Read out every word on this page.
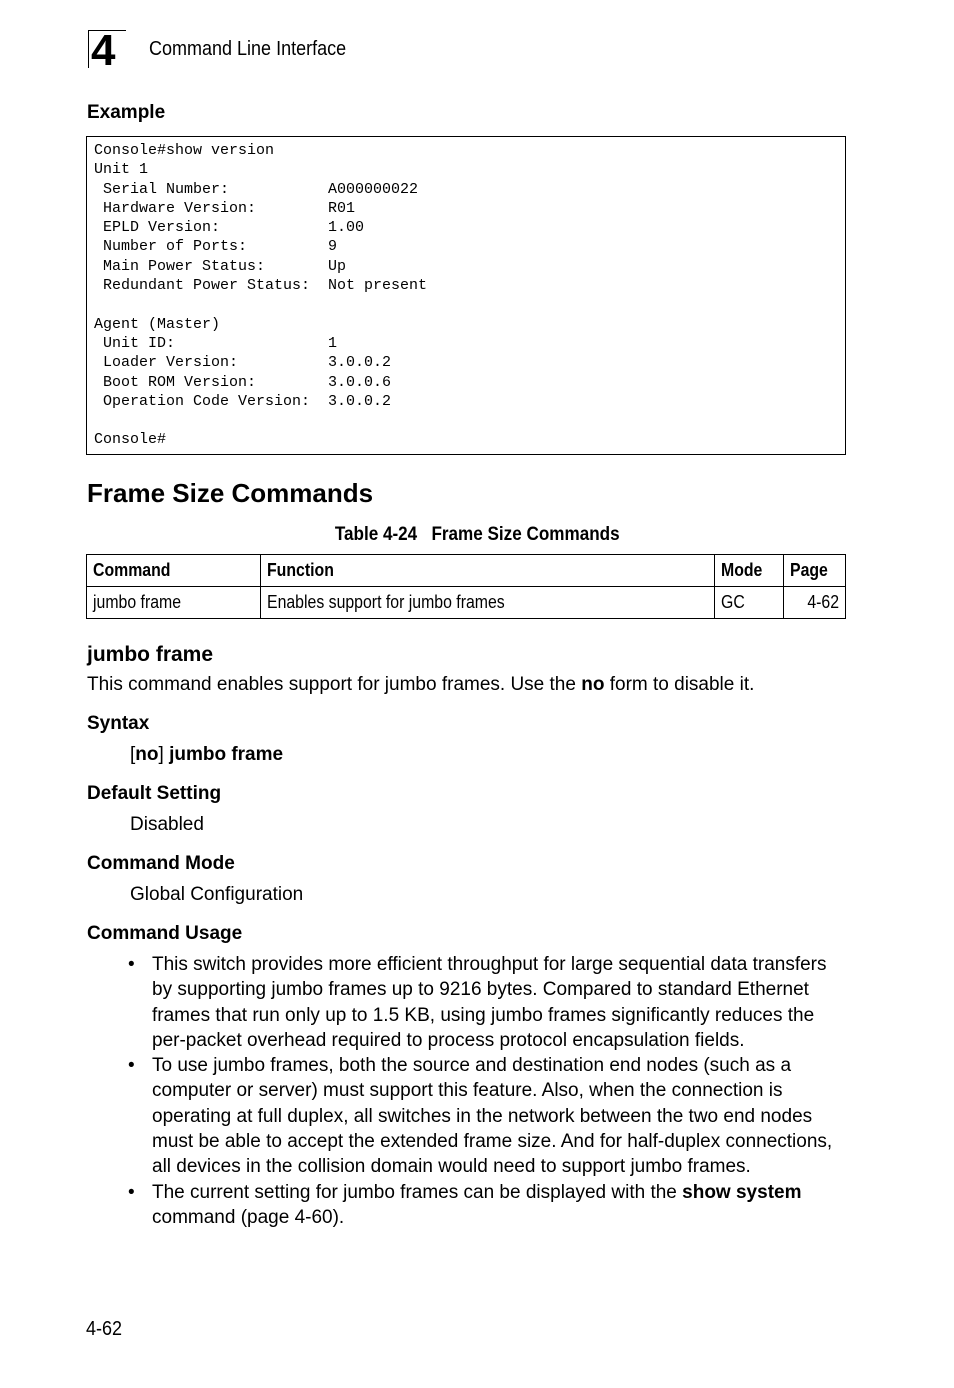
4	Command Line Interface
Example
Console#show version
Unit 1
Serial Number:           A000000022
Hardware Version:        R01
EPLD Version:            1.00
Number of Ports:         9
Main Power Status:       Up
Redundant Power Status:  Not present

Agent (Master)
Unit ID:                 1
Loader Version:          3.0.0.2
Boot ROM Version:        3.0.0.6
Operation Code Version:  3.0.0.2

Console#
Frame Size Commands
Table 4-24   Frame Size Commands
Command	Function	Mode	Page
jumbo frame	Enables support for jumbo frames	GC	4-62
jumbo frame

This command enables support for jumbo frames. Use the no form to disable it.

Syntax

[no] jumbo frame

Default Setting

Disabled

Command Mode

Global Configuration

Command Usage
• This switch provides more efficient throughput for large sequential data transfers by supporting jumbo frames up to 9216 bytes. Compared to standard Ethernet frames that run only up to 1.5 KB, using jumbo frames significantly reduces the per-packet overhead required to process protocol encapsulation fields.
• To use jumbo frames, both the source and destination end nodes (such as a computer or server) must support this feature. Also, when the connection is operating at full duplex, all switches in the network between the two end nodes must be able to accept the extended frame size. And for half-duplex connections, all devices in the collision domain would need to support jumbo frames.
• The current setting for jumbo frames can be displayed with the show system command (page 4-60).
4-62
